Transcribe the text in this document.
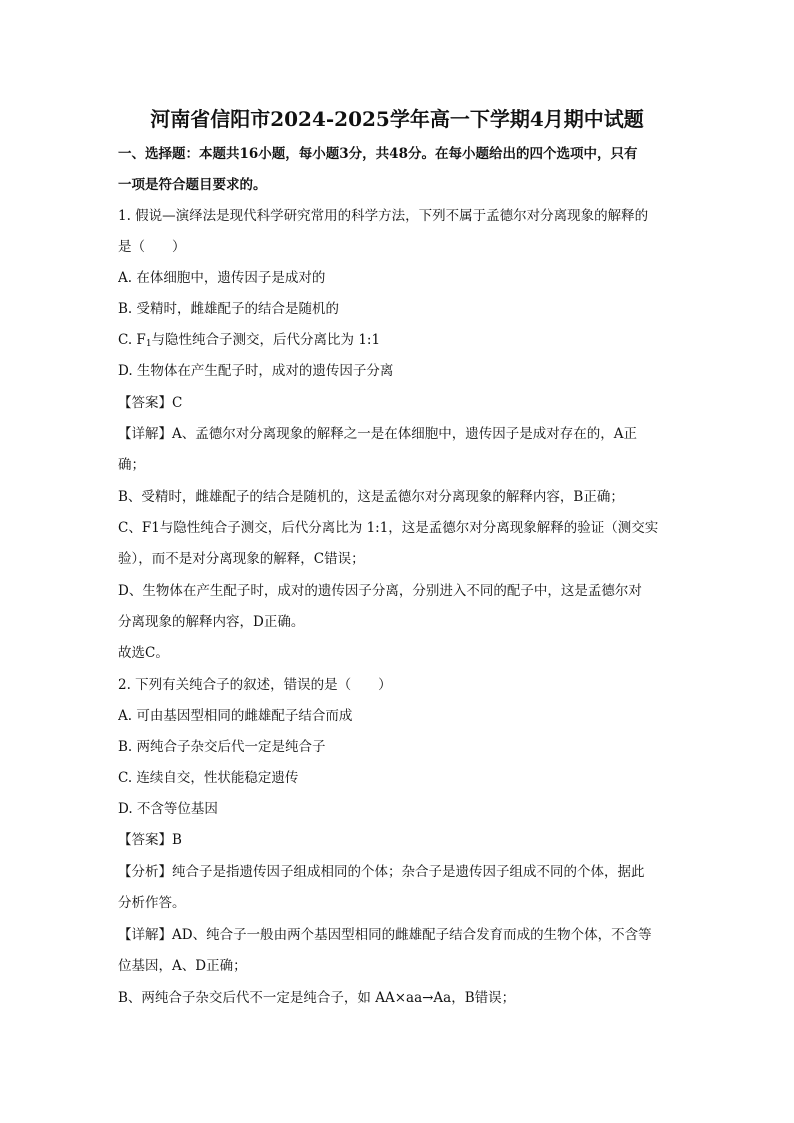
河南省信阳市2024-2025学年高一下学期4月期中试题
一、选择题：本题共16小题，每小题3分，共48分。在每小题给出的四个选项中，只有
一项是符合题目要求的。
1. 假说—演绎法是现代科学研究常用的科学方法，下列不属于孟德尔对分离现象的解释的
是（　　）
A. 在体细胞中，遗传因子是成对的
B. 受精时，雌雄配子的结合是随机的
C. $F_1$与隐性纯合子测交，后代分离比为 1:1
D. 生物体在产生配子时，成对的遗传因子分离
【答案】C
【详解】A、孟德尔对分离现象的解释之一是在体细胞中，遗传因子是成对存在的，A正
确；
B、受精时，雌雄配子的结合是随机的，这是孟德尔对分离现象的解释内容，B正确；
C、F1与隐性纯合子测交，后代分离比为 1:1，这是孟德尔对分离现象解释的验证（测交实
验），而不是对分离现象的解释，C错误；
D、生物体在产生配子时，成对的遗传因子分离，分别进入不同的配子中，这是孟德尔对
分离现象的解释内容，D正确。
故选C。
2. 下列有关纯合子的叙述，错误的是（　　）
A. 可由基因型相同的雌雄配子结合而成
B. 两纯合子杂交后代一定是纯合子
C. 连续自交，性状能稳定遗传
D. 不含等位基因
【答案】B
【分析】纯合子是指遗传因子组成相同的个体；杂合子是遗传因子组成不同的个体，据此
分析作答。
【详解】AD、纯合子一般由两个基因型相同的雌雄配子结合发育而成的生物个体，不含等
位基因，A、D正确；
B、两纯合子杂交后代不一定是纯合子，如 AA×aa→Aa，B错误；
